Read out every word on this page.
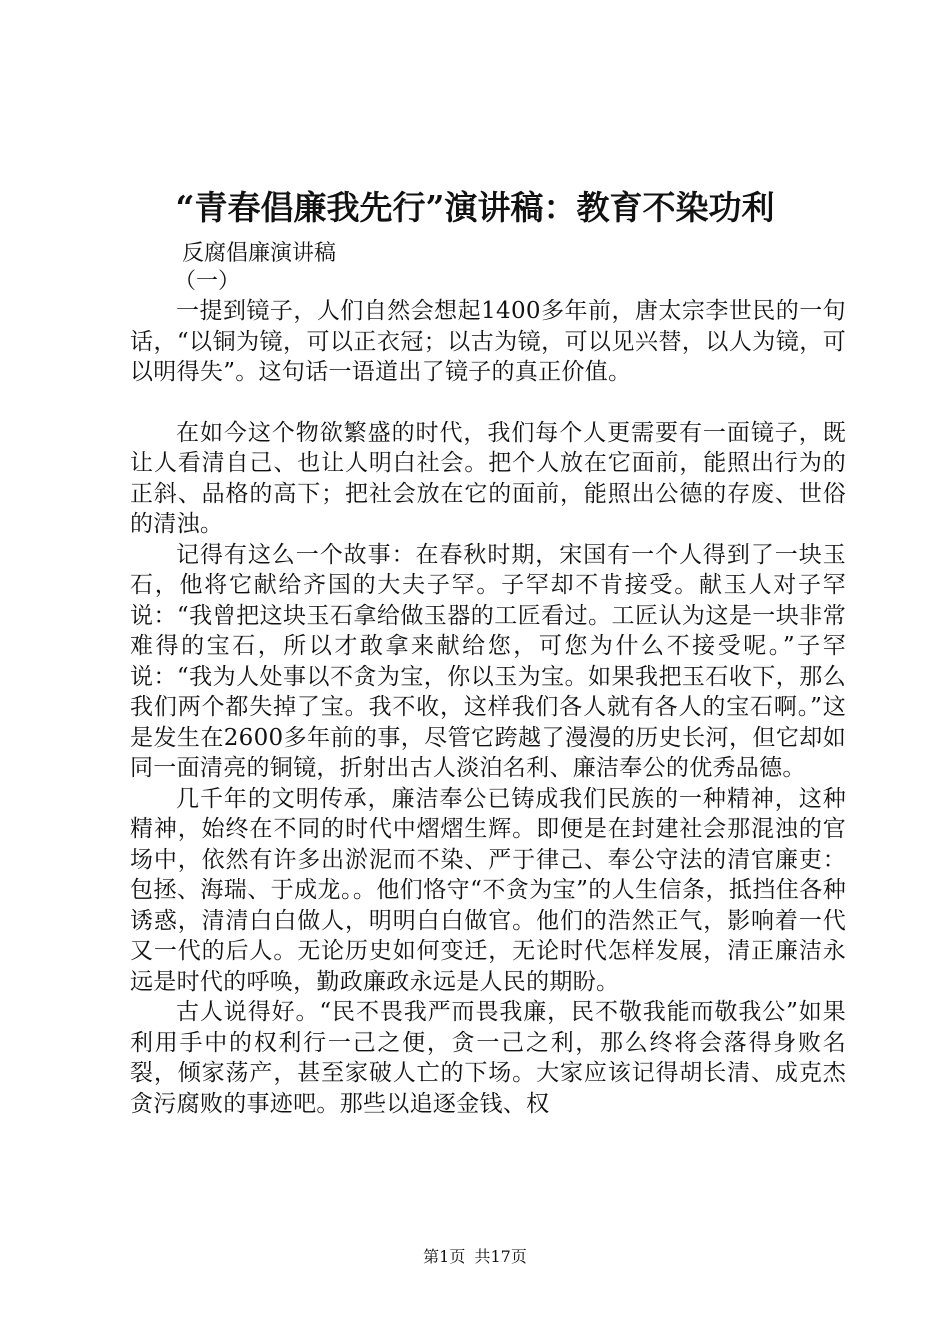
“青春倡廉我先行”演讲稿：教育不染功利

反腐倡廉演讲稿

（一）

一提到镜子，人们自然会想起1400多年前，唐太宗李世民的一句话，“以铜为镜，可以正衣冠；以古为镜，可以见兴替，以人为镜，可以明得失”。这句话一语道出了镜子的真正价值。

在如今这个物欲繁盛的时代，我们每个人更需要有一面镜子，既让人看清自己、也让人明白社会。把个人放在它面前，能照出行为的正斜、品格的高下；把社会放在它的面前，能照出公德的存废、世俗的清浊。

记得有这么一个故事：在春秋时期，宋国有一个人得到了一块玉石，他将它献给齐国的大夫子罕。子罕却不肯接受。献玉人对子罕说：“我曾把这块玉石拿给做玉器的工匠看过。工匠认为这是一块非常难得的宝石，所以才敢拿来献给您，可您为什么不接受呢。”子罕说：“我为人处事以不贪为宝，你以玉为宝。如果我把玉石收下，那么我们两个都失掉了宝。我不收，这样我们各人就有各人的宝石啊。”这是发生在2600多年前的事，尽管它跨越了漫漫的历史长河，但它却如同一面清亮的铜镜，折射出古人淡泊名利、廉洁奉公的优秀品德。

几千年的文明传承，廉洁奉公已铸成我们民族的一种精神，这种精神，始终在不同的时代中熠熠生辉。即便是在封建社会那混浊的官场中，依然有许多出淤泥而不染、严于律己、奉公守法的清官廉吏：包拯、海瑞、于成龙。。他们恪守“不贪为宝”的人生信条，抵挡住各种诱惑，清清白白做人，明明白白做官。他们的浩然正气，影响着一代又一代的后人。无论历史如何变迁，无论时代怎样发展，清正廉洁永远是时代的呼唤，勤政廉政永远是人民的期盼。

古人说得好。“民不畏我严而畏我廉，民不敬我能而敬我公”如果利用手中的权利行一己之便，贪一己之利，那么终将会落得身败名裂，倾家荡产，甚至家破人亡的下场。大家应该记得胡长清、成克杰贪污腐败的事迹吧。那些以追逐金钱、权

第1页 共17页
